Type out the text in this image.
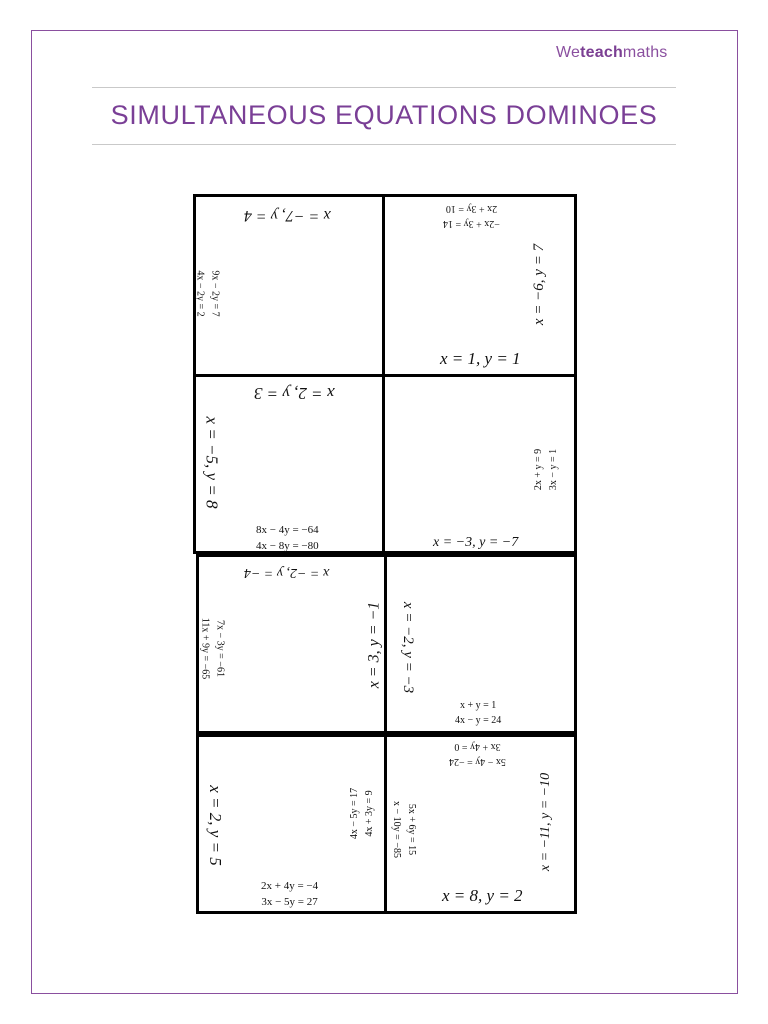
Weteachmaths
SIMULTANEOUS EQUATIONS DOMINOES
x = −7, y = 4
9x − 2y = 7
4x − 2y = 2
−2x + 3y = 14
2x + 3y = 10
x = −6, y = 7
x = 1, y = 1
x = 2, y = 3
x = −5, y = 8
8x − 4y = −64
4x − 8y = −80
2x + y = 9 3x − y = 1
x = −3, y = −7
x = −2, y = −4
7x − 3y = −61
11x + 9y = −65	x = 3, y = −1 x = −2, y = −3
x + y = 1
4x − y = 24
x = 2, y = 5	4x − 5y = 17 4x + 3y = 9
2x + 4y = −4
3x − 5y = 27
5x − 4y = −24
3x + 4y = 0
5x + 6y = 15
x − 10y = −85	x = −11, y = −10
x = 8, y = 2
